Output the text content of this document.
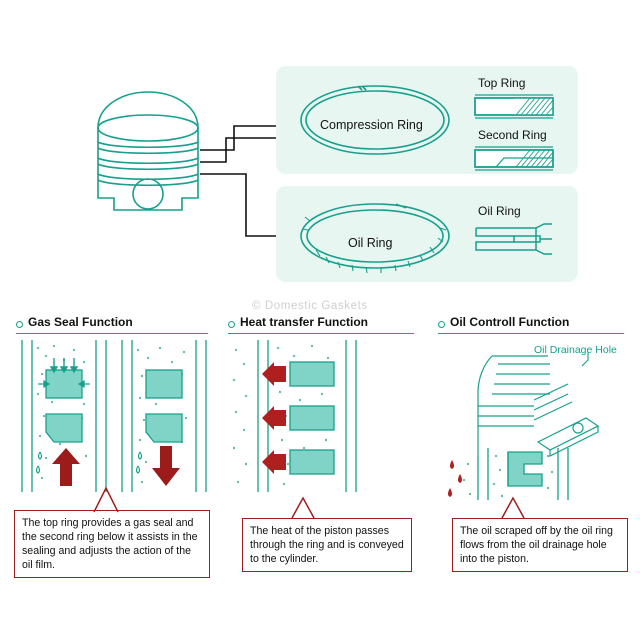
Compression Ring
Top Ring
Second Ring
Oil Ring
Oil Ring
© Domestic Gaskets
Gas Seal Function
The top ring provides a gas seal and the second ring below it assists in the sealing and adjusts the action of the oil film.
Heat transfer Function
The heat of the piston passes through the ring and is conveyed to the cylinder.
Oil Controll Function
Oil Drainage Hole
The oil scraped off by the oil ring flows from the oil drainage hole into the piston.
